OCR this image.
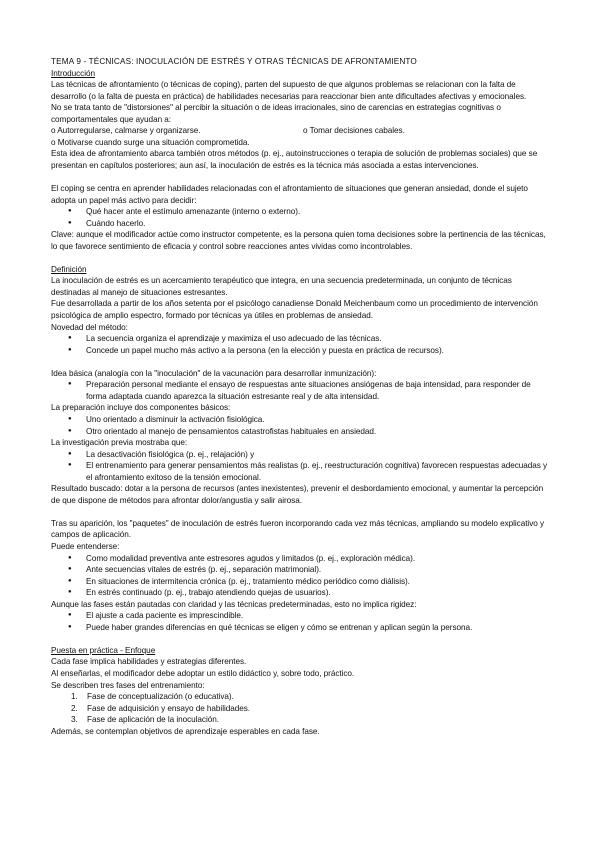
TEMA 9 - TÉCNICAS: INOCULACIÓN DE ESTRÉS Y OTRAS TÉCNICAS DE AFRONTAMIENTO

Introducción

Las técnicas de afrontamiento (o técnicas de coping), parten del supuesto de que algunos problemas se relacionan con la falta de desarrollo (o la falta de puesta en práctica) de habilidades necesarias para reaccionar bien ante dificultades afectivas y emocionales.

No se trata tanto de "distorsiones" al percibir la situación o de ideas irracionales, sino de carencias en estrategias cognitivas o comportamentales que ayudan a:

o Autorregularse, calmarse y organizarse.	o Tomar decisiones cabales.

o Motivarse cuando surge una situación comprometida.

Esta idea de afrontamiento abarca también otros métodos (p. ej., autoinstrucciones o terapia de solución de problemas sociales) que se presentan en capítulos posteriores; aun así, la inoculación de estrés es la técnica más asociada a estas intervenciones.

El coping se centra en aprender habilidades relacionadas con el afrontamiento de situaciones que generan ansiedad, donde el sujeto adopta un papel más activo para decidir:

● Qué hacer ante el estímulo amenazante (interno o externo).
● Cuándo hacerlo.

Clave: aunque el modificador actúe como instructor competente, es la persona quien toma decisiones sobre la pertinencia de las técnicas, lo que favorece sentimiento de eficacia y control sobre reacciones antes vividas como incontrolables.

Definición

La inoculación de estrés es un acercamiento terapéutico que integra, en una secuencia predeterminada, un conjunto de técnicas destinadas al manejo de situaciones estresantes.

Fue desarrollada a partir de los años setenta por el psicólogo canadiense Donald Meichenbaum como un procedimiento de intervención psicológica de amplio espectro, formado por técnicas ya útiles en problemas de ansiedad.

Novedad del método:

● La secuencia organiza el aprendizaje y maximiza el uso adecuado de las técnicas.
● Concede un papel mucho más activo a la persona (en la elección y puesta en práctica de recursos).

Idea básica (analogía con la "inoculación" de la vacunación para desarrollar inmunización):

● Preparación personal mediante el ensayo de respuestas ante situaciones ansiógenas de baja intensidad, para responder de forma adaptada cuando aparezca la situación estresante real y de alta intensidad.

La preparación incluye dos componentes básicos:

● Uno orientado a disminuir la activación fisiológica.
● Otro orientado al manejo de pensamientos catastrofistas habituales en ansiedad.

La investigación previa mostraba que:

● La desactivación fisiológica (p. ej., relajación) y
● El entrenamiento para generar pensamientos más realistas (p. ej., reestructuración cognitiva) favorecen respuestas adecuadas y el afrontamiento exitoso de la tensión emocional.

Resultado buscado: dotar a la persona de recursos (antes inexistentes), prevenir el desbordamiento emocional, y aumentar la percepción de que dispone de métodos para afrontar dolor/angustia y salir airosa.

Tras su aparición, los "paquetes" de inoculación de estrés fueron incorporando cada vez más técnicas, ampliando su modelo explicativo y campos de aplicación.

Puede entenderse:

● Como modalidad preventiva ante estresores agudos y limitados (p. ej., exploración médica).
● Ante secuencias vitales de estrés (p. ej., separación matrimonial).
● En situaciones de intermitencia crónica (p. ej., tratamiento médico periódico como diálisis).
● En estrés continuado (p. ej., trabajo atendiendo quejas de usuarios).

Aunque las fases están pautadas con claridad y las técnicas predeterminadas, esto no implica rigidez:

● El ajuste a cada paciente es imprescindible.
● Puede haber grandes diferencias en qué técnicas se eligen y cómo se entrenan y aplican según la persona.

Puesta en práctica - Enfoque

Cada fase implica habilidades y estrategias diferentes.

Al enseñarlas, el modificador debe adoptar un estilo didáctico y, sobre todo, práctico.

Se describen tres fases del entrenamiento:

1. Fase de conceptualización (o educativa).
2. Fase de adquisición y ensayo de habilidades.
3. Fase de aplicación de la inoculación.

Además, se contemplan objetivos de aprendizaje esperables en cada fase.
